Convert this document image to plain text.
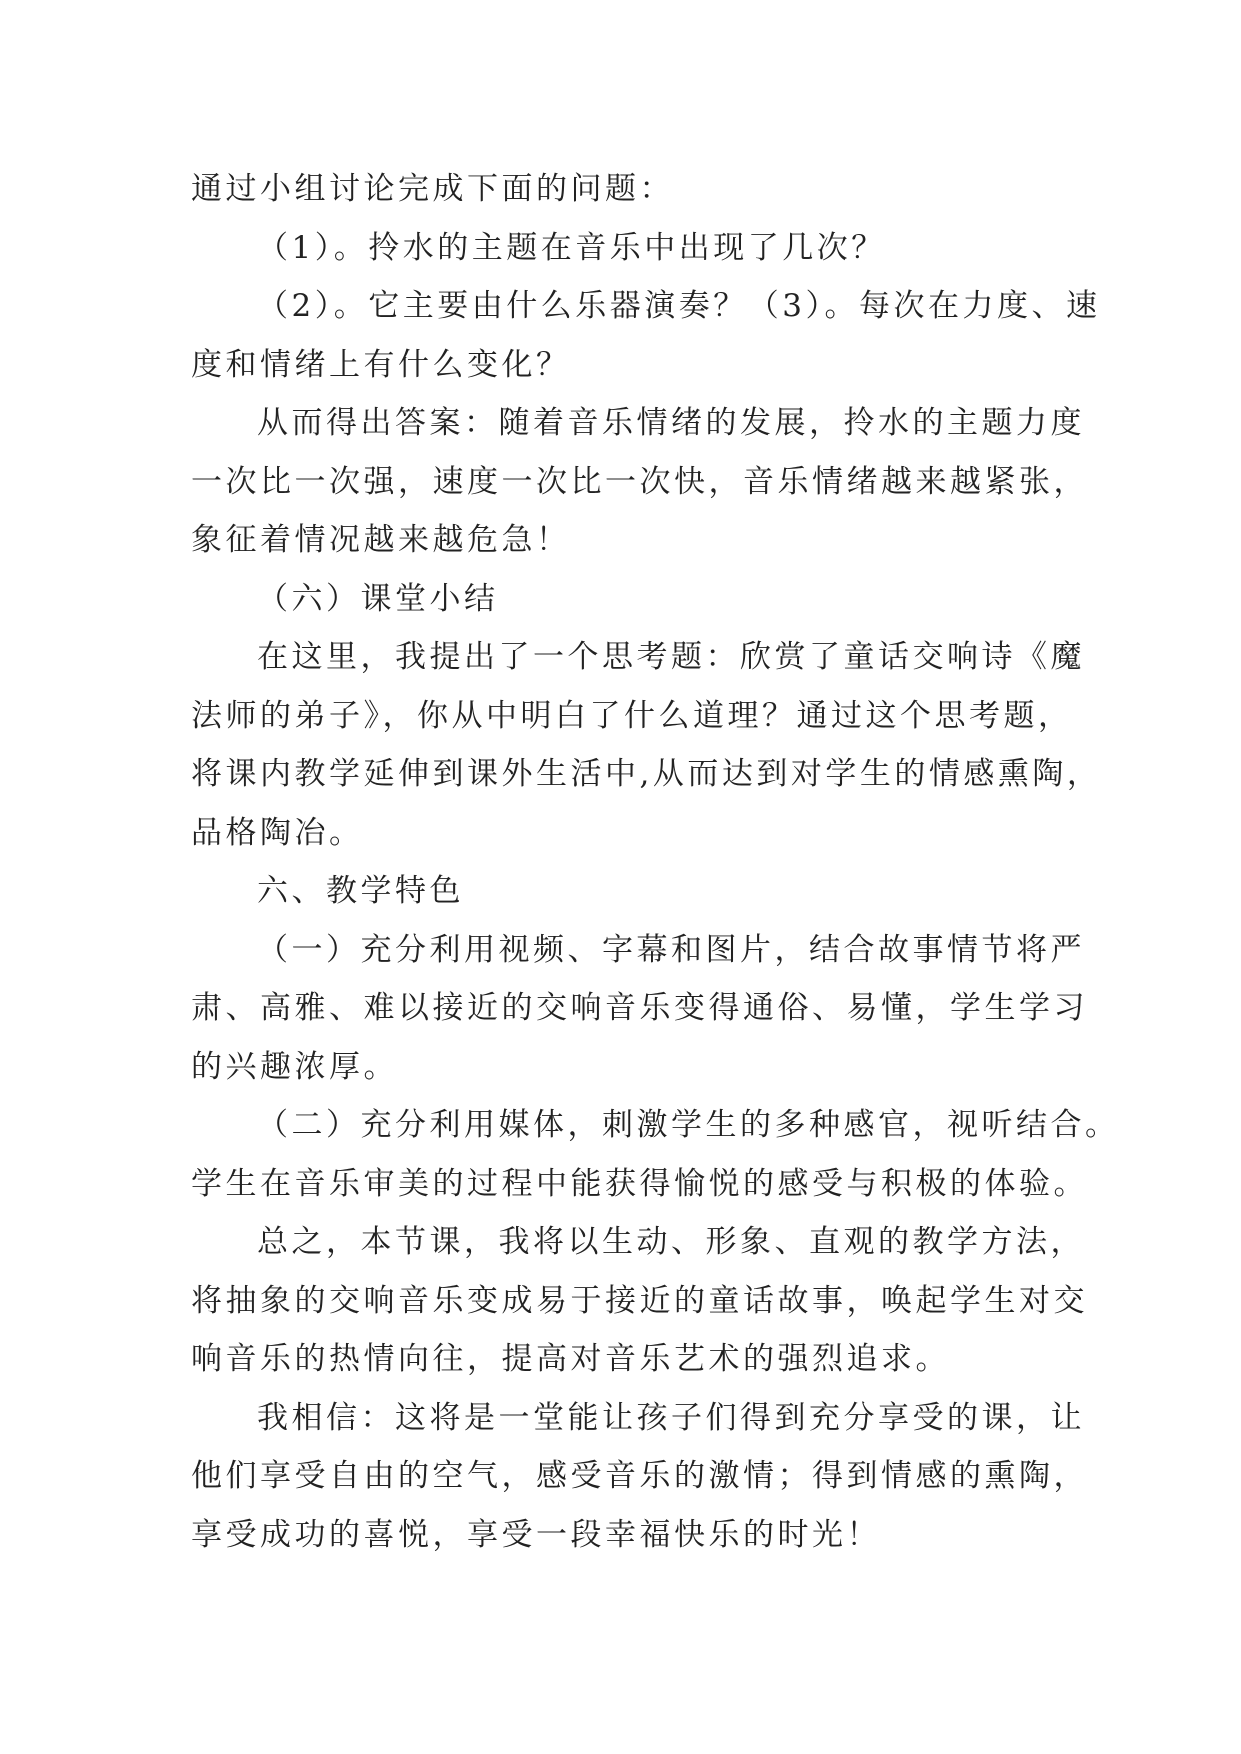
通过小组讨论完成下面的问题：

（1）。拎水的主题在音乐中出现了几次？

（2）。它主要由什么乐器演奏？（3）。每次在力度、速

度和情绪上有什么变化？

从而得出答案：随着音乐情绪的发展，拎水的主题力度

一次比一次强，速度一次比一次快，音乐情绪越来越紧张，

象征着情况越来越危急！

（六）课堂小结

在这里，我提出了一个思考题：欣赏了童话交响诗《魔

法师的弟子》，你从中明白了什么道理？通过这个思考题，

将课内教学延伸到课外生活中,从而达到对学生的情感熏陶，

品格陶冶。

六、教学特色

（一）充分利用视频、字幕和图片，结合故事情节将严

肃、高雅、难以接近的交响音乐变得通俗、易懂，学生学习

的兴趣浓厚。

（二）充分利用媒体，刺激学生的多种感官，视听结合。

学生在音乐审美的过程中能获得愉悦的感受与积极的体验。

总之，本节课，我将以生动、形象、直观的教学方法，

将抽象的交响音乐变成易于接近的童话故事，唤起学生对交

响音乐的热情向往，提高对音乐艺术的强烈追求。

我相信：这将是一堂能让孩子们得到充分享受的课，让

他们享受自由的空气，感受音乐的激情；得到情感的熏陶，

享受成功的喜悦，享受一段幸福快乐的时光！
